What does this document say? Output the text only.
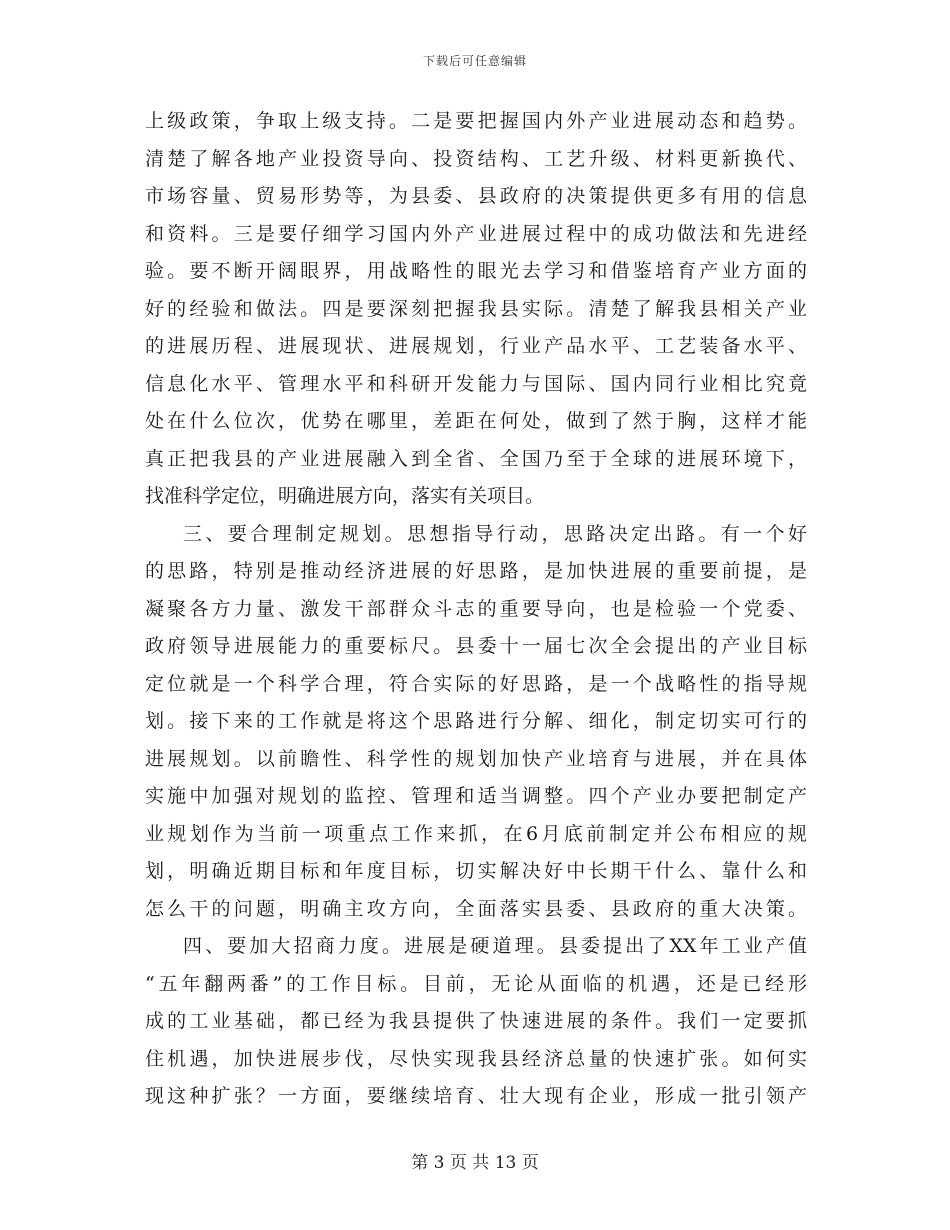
下载后可任意编辑
上级政策，争取上级支持。二是要把握国内外产业进展动态和趋势。
清楚了解各地产业投资导向、投资结构、工艺升级、材料更新换代、
市场容量、贸易形势等，为县委、县政府的决策提供更多有用的信息
和资料。三是要仔细学习国内外产业进展过程中的成功做法和先进经
验。要不断开阔眼界，用战略性的眼光去学习和借鉴培育产业方面的
好的经验和做法。四是要深刻把握我县实际。清楚了解我县相关产业
的进展历程、进展现状、进展规划，行业产品水平、工艺装备水平、
信息化水平、管理水平和科研开发能力与国际、国内同行业相比究竟
处在什么位次，优势在哪里，差距在何处，做到了然于胸，这样才能
真正把我县的产业进展融入到全省、全国乃至于全球的进展环境下，
找准科学定位，明确进展方向，落实有关项目。
三、要合理制定规划。思想指导行动，思路决定出路。有一个好
的思路，特别是推动经济进展的好思路，是加快进展的重要前提，是
凝聚各方力量、激发干部群众斗志的重要导向，也是检验一个党委、
政府领导进展能力的重要标尺。县委十一届七次全会提出的产业目标
定位就是一个科学合理，符合实际的好思路，是一个战略性的指导规
划。接下来的工作就是将这个思路进行分解、细化，制定切实可行的
进展规划。以前瞻性、科学性的规划加快产业培育与进展，并在具体
实施中加强对规划的监控、管理和适当调整。四个产业办要把制定产
业规划作为当前一项重点工作来抓，在6月底前制定并公布相应的规
划，明确近期目标和年度目标，切实解决好中长期干什么、靠什么和
怎么干的问题，明确主攻方向，全面落实县委、县政府的重大决策。
四、要加大招商力度。进展是硬道理。县委提出了XX年工业产值
“五年翻两番”的工作目标。目前，无论从面临的机遇，还是已经形
成的工业基础，都已经为我县提供了快速进展的条件。我们一定要抓
住机遇，加快进展步伐，尽快实现我县经济总量的快速扩张。如何实
现这种扩张？一方面，要继续培育、壮大现有企业，形成一批引领产
第 3 页 共 13 页
